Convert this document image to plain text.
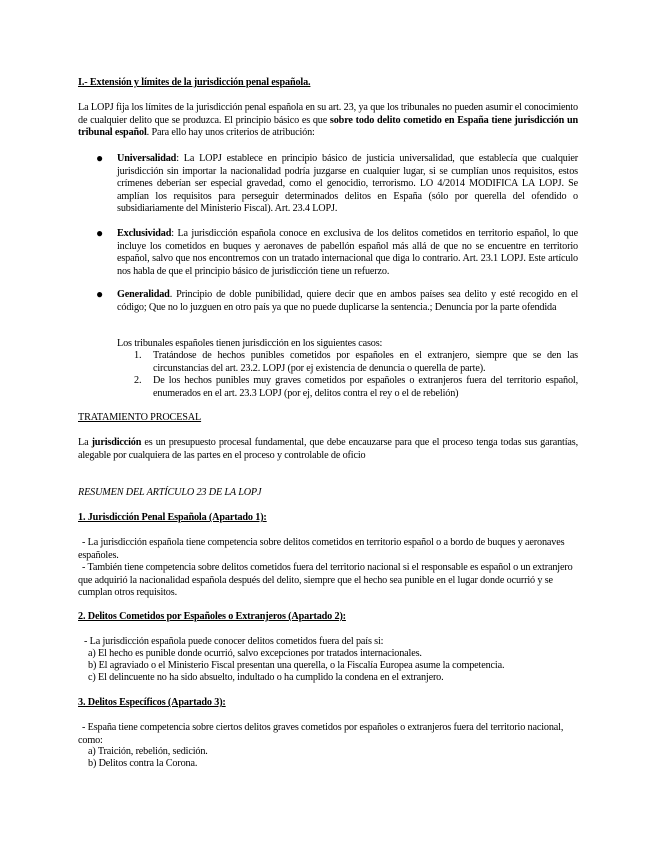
I.- Extensión y límites de la jurisdicción penal española.

La LOPJ fija los límites de la jurisdicción penal española en su art. 23, ya que los tribunales no pueden asumir el conocimiento de cualquier delito que se produzca. El principio básico es que sobre todo delito cometido en España tiene jurisdicción un tribunal español. Para ello hay unos criterios de atribución:

● Universalidad: La LOPJ establece en principio básico de justicia universalidad, que establecía que cualquier jurisdicción sin importar la nacionalidad podría juzgarse en cualquier lugar, si se cumplían unos requisitos, estos crímenes deberían ser especial gravedad, como el genocidio, terrorismo. LO 4/2014 MODIFICA LA LOPJ. Se amplían los requisitos para perseguir determinados delitos en España (sólo por querella del ofendido o subsidiariamente del Ministerio Fiscal). Art. 23.4 LOPJ.

● Exclusividad: La jurisdicción española conoce en exclusiva de los delitos cometidos en territorio español, lo que incluye los cometidos en buques y aeronaves de pabellón español más allá de que no se encuentre en territorio español, salvo que nos encontremos con un tratado internacional que diga lo contrario. Art. 23.1 LOPJ. Este artículo nos habla de que el principio básico de jurisdicción tiene un refuerzo.

● Generalidad. Principio de doble punibilidad, quiere decir que en ambos países sea delito y esté recogido en el código; Que no lo juzguen en otro país ya que no puede duplicarse la sentencia.; Denuncia por la parte ofendida

Los tribunales españoles tienen jurisdicción en los siguientes casos:

1. Tratándose de hechos punibles cometidos por españoles en el extranjero, siempre que se den las circunstancias del art. 23.2. LOPJ (por ej existencia de denuncia o querella de parte).

2. De los hechos punibles muy graves cometidos por españoles o extranjeros fuera del territorio español, enumerados en el art. 23.3 LOPJ (por ej, delitos contra el rey o el de rebelión)

TRATAMIENTO PROCESAL

La jurisdicción es un presupuesto procesal fundamental, que debe encauzarse para que el proceso tenga todas sus garantías, alegable por cualquiera de las partes en el proceso y controlable de oficio

RESUMEN DEL ARTÍCULO 23 DE LA LOPJ

1. Jurisdicción Penal Española (Apartado 1):

- La jurisdicción española tiene competencia sobre delitos cometidos en territorio español o a bordo de buques y aeronaves españoles.

- También tiene competencia sobre delitos cometidos fuera del territorio nacional si el responsable es español o un extranjero que adquirió la nacionalidad española después del delito, siempre que el hecho sea punible en el lugar donde ocurrió y se cumplan otros requisitos.

2. Delitos Cometidos por Españoles o Extranjeros (Apartado 2):

- La jurisdicción española puede conocer delitos cometidos fuera del país si:

a) El hecho es punible donde ocurrió, salvo excepciones por tratados internacionales.

b) El agraviado o el Ministerio Fiscal presentan una querella, o la Fiscalía Europea asume la competencia.

c) El delincuente no ha sido absuelto, indultado o ha cumplido la condena en el extranjero.

3. Delitos Específicos (Apartado 3):

- España tiene competencia sobre ciertos delitos graves cometidos por españoles o extranjeros fuera del territorio nacional, como:

a) Traición, rebelión, sedición.

b) Delitos contra la Corona.
